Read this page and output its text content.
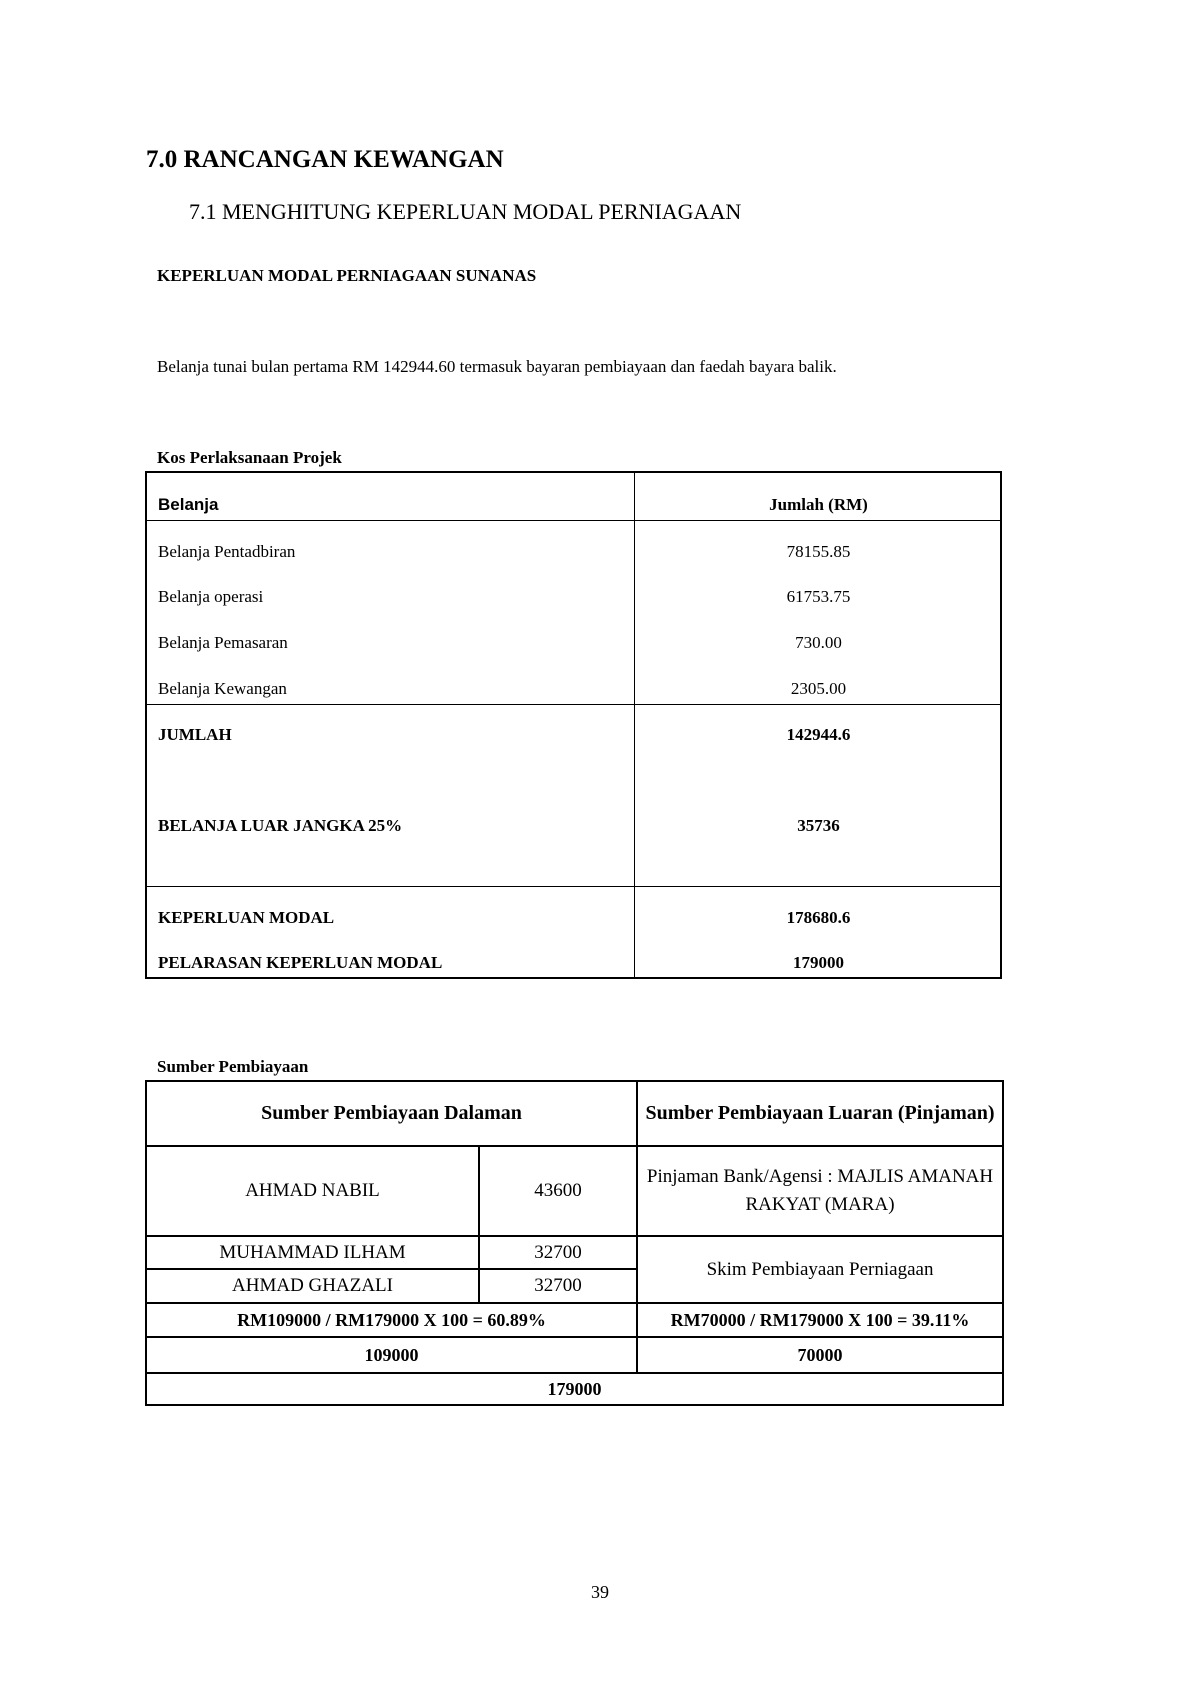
7.0 RANCANGAN KEWANGAN
7.1 MENGHITUNG KEPERLUAN MODAL PERNIAGAAN
KEPERLUAN MODAL PERNIAGAAN SUNANAS
Belanja tunai bulan pertama RM 142944.60 termasuk bayaran pembiayaan dan faedah bayara balik.
Kos Perlaksanaan Projek
Belanja	Jumlah (RM)
Belanja Pentadbiran	78155.85
Belanja operasi	61753.75
Belanja Pemasaran	730.00
Belanja Kewangan	2305.00
JUMLAH	142944.6
BELANJA LUAR JANGKA 25%	35736
KEPERLUAN MODAL	178680.6
PELARASAN KEPERLUAN MODAL	179000
Sumber Pembiayaan
Sumber Pembiayaan Dalaman		Sumber Pembiayaan Luaran (Pinjaman)
AHMAD NABIL	43600	Pinjaman Bank/Agensi : MAJLIS AMANAH RAKYAT (MARA)
MUHAMMAD ILHAM	32700	Skim Pembiayaan Perniagaan
AHMAD GHAZALI	32700	
RM109000 / RM179000 X 100 = 60.89%		RM70000 / RM179000 X 100 = 39.11%
109000		70000
179000		
39
